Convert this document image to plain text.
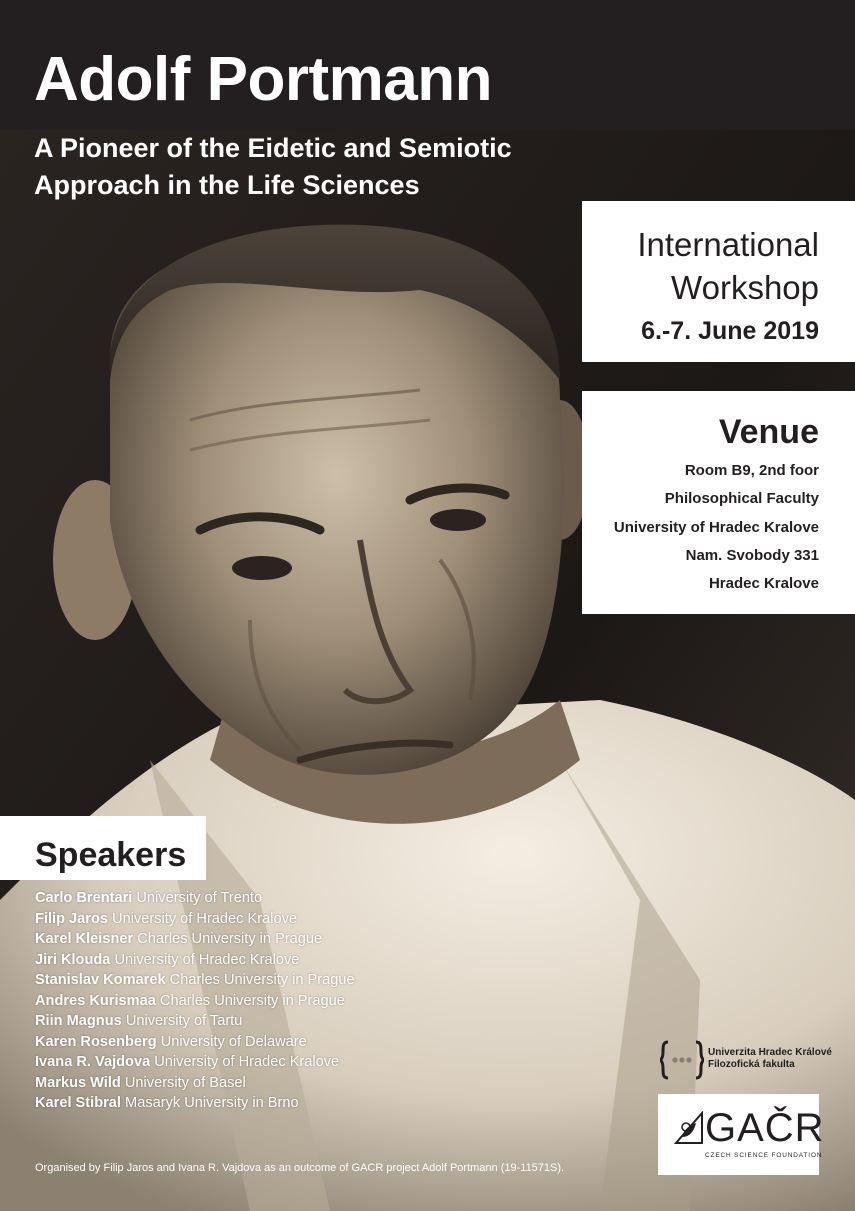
Adolf Portmann
A Pioneer of the Eidetic and Semiotic
Approach in the Life Sciences

International
Workshop

6.-7. June 2019

Venue

Room B9, 2nd foor
Philosophical Faculty
University of Hradec Kralove
Nam. Svobody 331
Hradec Kralove

Speakers

Carlo Brentari University of Trento
Filip Jaros University of Hradec Kralove
Karel Kleisner Charles University in Prague
Jiri Klouda University of Hradec Kralove
Stanislav Komarek Charles University in Prague
Andres Kurismaa Charles University in Prague
Riin Magnus University of Tartu
Karen Rosenberg University of Delaware
Ivana R. Vajdova University of Hradec Kralove
Markus Wild University of Basel
Karel Stibral Masaryk University in Brno
Univerzita Hradec Králové
Filozofická fakulta
GAČR
CZECH SCIENCE FOUNDATION

Organised by Filip Jaros and Ivana R. Vajdova as an outcome of GACR project Adolf Portmann (19-11571S).
